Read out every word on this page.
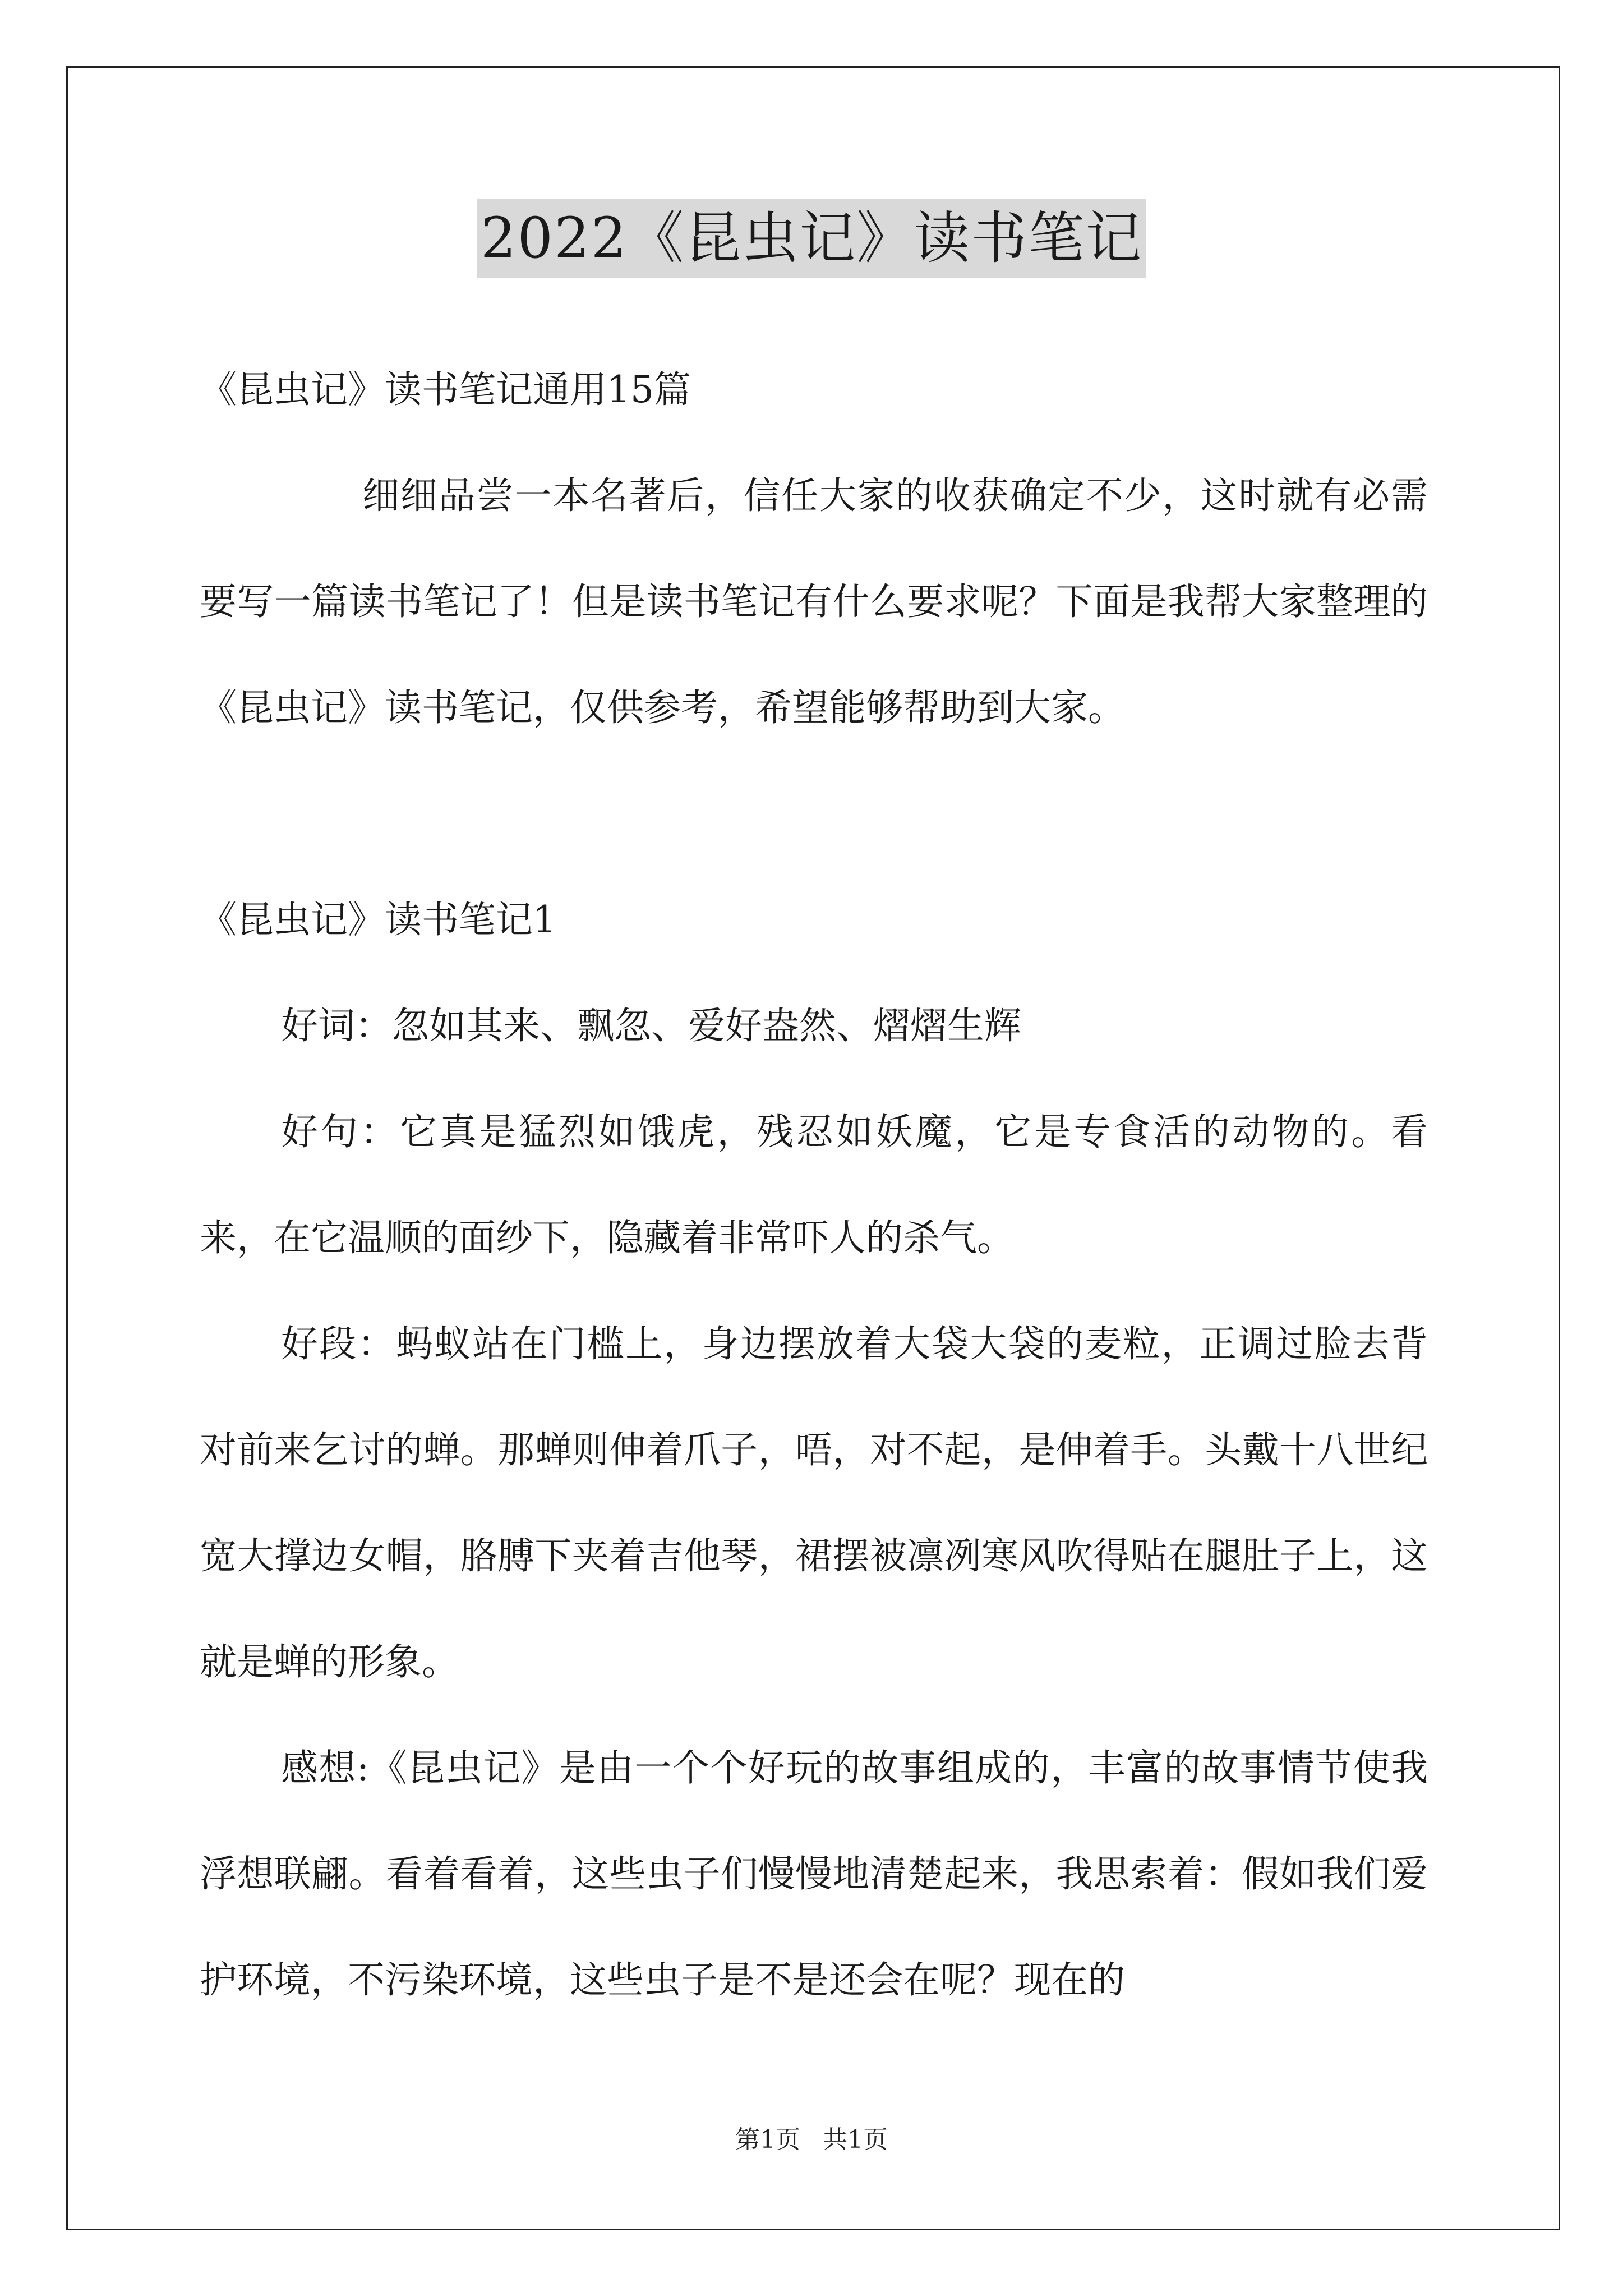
2022《昆虫记》读书笔记

《昆虫记》读书笔记通用15篇

细细品尝一本名著后，信任大家的收获确定不少，这时就有必需要写一篇读书笔记了！但是读书笔记有什么要求呢？下面是我帮大家整理的《昆虫记》读书笔记，仅供参考，希望能够帮助到大家。

《昆虫记》读书笔记1

好词：忽如其来、飘忽、爱好盎然、熠熠生辉

好句：它真是猛烈如饿虎，残忍如妖魔，它是专食活的动物的。看来，在它温顺的面纱下，隐藏着非常吓人的杀气。

好段：蚂蚁站在门槛上，身边摆放着大袋大袋的麦粒，正调过脸去背对前来乞讨的蝉。那蝉则伸着爪子，唔，对不起，是伸着手。头戴十八世纪宽大撑边女帽，胳膊下夹着吉他琴，裙摆被凛冽寒风吹得贴在腿肚子上，这就是蝉的形象。

感想:《昆虫记》是由一个个好玩的故事组成的，丰富的故事情节使我浮想联翩。看着看着，这些虫子们慢慢地清楚起来，我思索着：假如我们爱护环境，不污染环境，这些虫子是不是还会在呢？现在的

第1页 共1页
